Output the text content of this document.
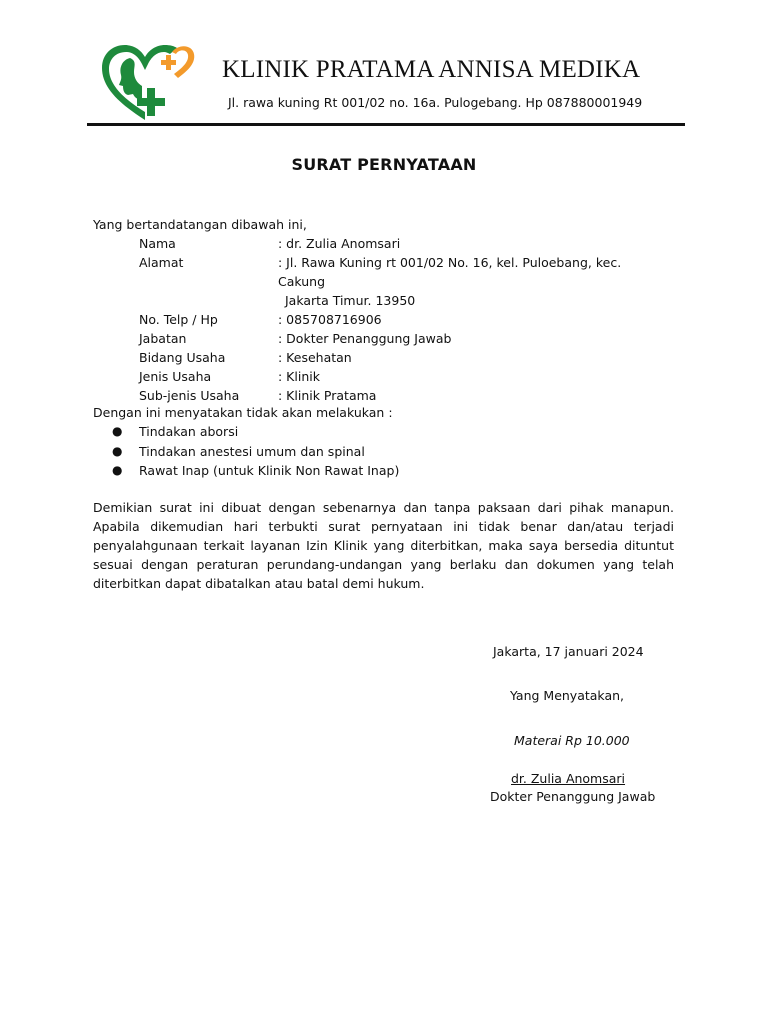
KLINIK PRATAMA ANNISA MEDIKA
Jl. rawa kuning Rt 001/02 no. 16a. Pulogebang. Hp 087880001949
SURAT PERNYATAAN
Yang bertandatangan dibawah ini,
Nama	: dr. Zulia Anomsari
Alamat	: Jl. Rawa Kuning rt 001/02 No. 16, kel. Puloebang, kec. Cakung
Jakarta Timur. 13950
No. Telp / Hp	: 085708716906
Jabatan	: Dokter Penanggung Jawab
Bidang Usaha	: Kesehatan
Jenis Usaha	: Klinik
Sub-jenis Usaha	: Klinik Pratama
Dengan ini menyatakan tidak akan melakukan :
●	Tindakan aborsi
●	Tindakan anestesi umum dan spinal
●	Rawat Inap (untuk Klinik Non Rawat Inap)
Demikian surat ini dibuat dengan sebenarnya dan tanpa paksaan dari pihak manapun. Apabila dikemudian hari terbukti surat pernyataan ini tidak benar dan/atau terjadi penyalahgunaan terkait layanan Izin Klinik yang diterbitkan, maka saya bersedia dituntut sesuai dengan peraturan perundang-undangan yang berlaku dan dokumen yang telah diterbitkan dapat dibatalkan atau batal demi hukum.
Jakarta, 17 januari 2024
Yang Menyatakan,
Materai Rp 10.000
dr. Zulia Anomsari
Dokter Penanggung Jawab
